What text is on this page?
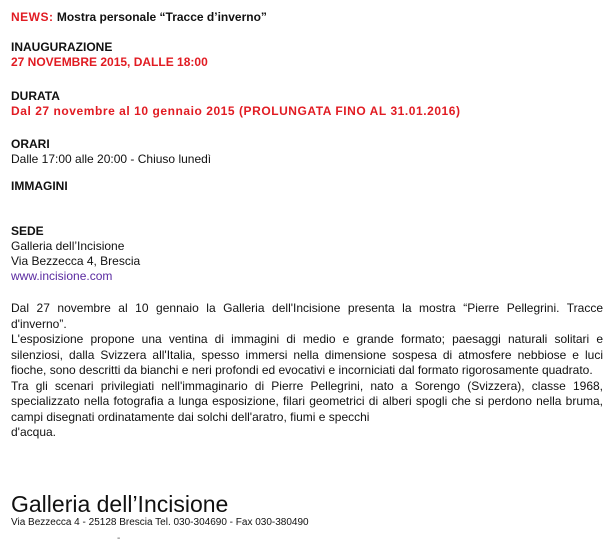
NEWS: Mostra personale “Tracce d’inverno”

INAUGURAZIONE

27 NOVEMBRE 2015, DALLE 18:00

DURATA

Dal 27 novembre al 10 gennaio 2015 (PROLUNGATA FINO AL 31.01.2016)

ORARI

Dalle 17:00 alle 20:00 - Chiuso lunedì

IMMAGINI

SEDE

Galleria dell’Incisione

Via Bezzecca 4, Brescia

www.incisione.com
Dal 27 novembre al 10 gennaio la Galleria dell'Incisione presenta la mostra “Pierre Pellegrini. Tracce d'inverno”.
L'esposizione propone una ventina di immagini di medio e grande formato; paesaggi naturali solitari e silenziosi, dalla Svizzera all'Italia, spesso immersi nella dimensione sospesa di atmosfere nebbiose e luci fioche, sono descritti da bianchi e neri profondi ed evocativi e incorniciati dal formato rigorosamente quadrato.
Tra gli scenari privilegiati nell'immaginario di Pierre Pellegrini, nato a Sorengo (Svizzera), classe 1968, specializzato nella fotografia a lunga esposizione, filari geometrici di alberi spogli che si perdono nella bruma, campi disegnati ordinatamente dai solchi dell'aratro, fiumi e specchi
d'acqua.

Galleria dell’Incisione

Via Bezzecca 4 - 25128 Brescia Tel. 030-304690 - Fax 030-380490

-
